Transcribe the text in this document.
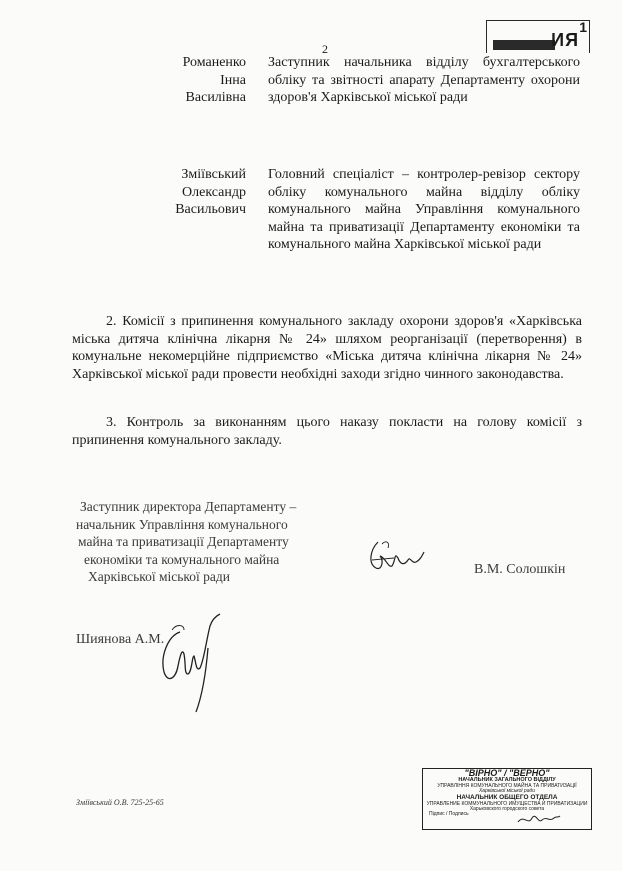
2	ИЯ
1
Романенко
Інна
Василівна
Заступник начальника відділу бухгалтерського обліку та звітності апарату Департаменту охорони здоров'я Харківської міської ради
Зміївський
Олександр
Васильович
Головний спеціаліст – контролер-ревізор сектору обліку комунального майна відділу обліку комунального майна Управління комунального майна та приватизації Департаменту економіки та комунального майна Харківської міської ради
2. Комісії з припинення комунального закладу охорони здоров'я «Харківська міська дитяча клінічна лікарня № 24» шляхом реорганізації (перетворення) в комунальне некомерційне підприємство «Міська дитяча клінічна лікарня № 24» Харківської міської ради провести необхідні заходи згідно чинного законодавства.
3. Контроль за виконанням цього наказу покласти на голову комісії з припинення комунального закладу.
Заступник директора Департаменту –
начальник Управління комунального
майна та приватизації Департаменту
економіки та комунального майна
Харківської міської ради	В.М. Солошкін
Шиянова А.М.
Зміївський О.В. 725-25-65
"ВІРНО" / "ВЕРНО"
НАЧАЛЬНИК ЗАГАЛЬНОГО ВІДДІЛУ
УПРАВЛІННЯ КОМУНАЛЬНОГО МАЙНА ТА ПРИВАТИЗАЦІЇ
Харківської міської ради
НАЧАЛЬНИК ОБЩЕГО ОТДЕЛА
УПРАВЛЕНИЕ КОММУНАЛЬНОГО ИМУЩЕСТВА И ПРИВАТИЗАЦИИ
Харьковского городского совета
Підпис / Подпись
